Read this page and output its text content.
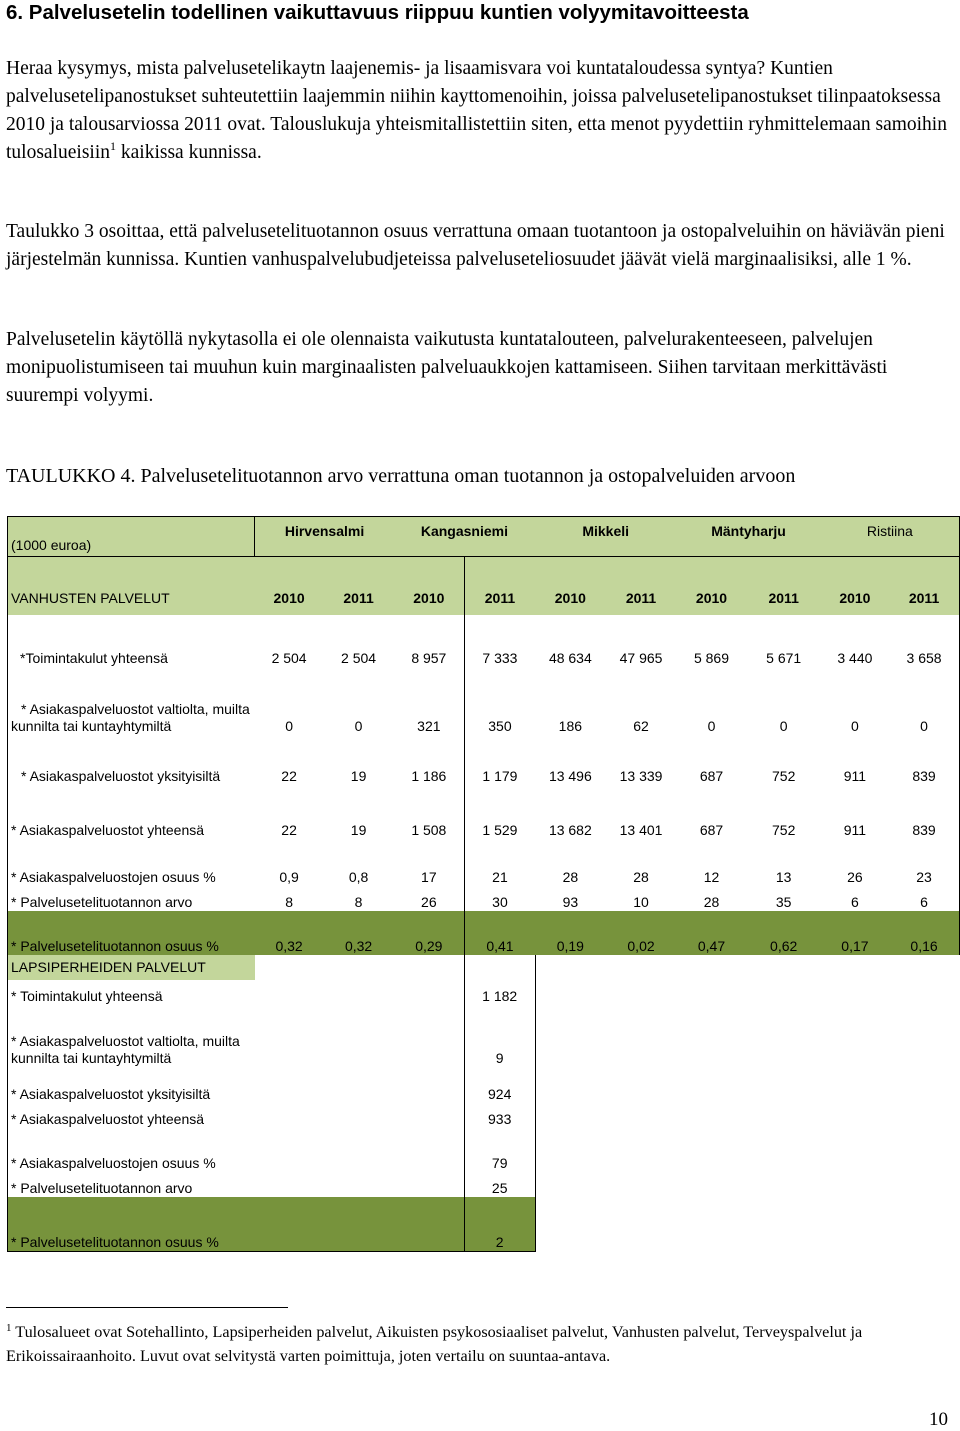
6. Palvelusetelin todellinen vaikuttavuus riippuu kuntien volyymitavoitteesta

Heraa kysymys, mista palvelusetelikaytn laajenemis- ja lisaamisvara voi kuntataloudessa syntya? Kuntien palvelusetelipanostukset suhteutettiin laajemmin niihin kayttomenoihin, joissa palvelusetelipanostukset tilinpaatoksessa 2010 ja talousarviossa 2011 ovat. Talouslukuja yhteismitallistettiin siten, etta menot pyydettiin ryhmittelemaan samoihin tulosalueisiin$^1$ kaikissa kunnissa.

Taulukko 3 osoittaa, että palvelusetelituotannon osuus verrattuna omaan tuotantoon ja ostopalveluihin on häviävän pieni järjestelmän kunnissa. Kuntien vanhuspalvelubudjeteissa palveluseteliosuudet jäävät vielä marginaalisiksi, alle 1 %.

Palvelusetelin käytöllä nykytasolla ei ole olennaista vaikutusta kuntatalouteen, palvelurakenteeseen, palvelujen monipuolistumiseen tai muuhun kuin marginaalisten palveluaukkojen kattamiseen. Siihen tarvitaan merkittävästi suurempi volyymi.

TAULUKKO 4. Palvelusetelituotannon arvo verrattuna oman tuotannon ja ostopalveluiden arvoon

(1000 euroa)	Hirvensalmi		Kangasniemi		Mikkeli		Mäntyharju		Ristiina	
VANHUSTEN PALVELUT	2010	2011	2010	2011	2010	2011	2010	2011	2010	2011
*Toimintakulut yhteensä	2 504	2 504	8 957	7 333	48 634	47 965	5 869	5 671	3 440	3 658
* Asiakaspalveluostot valtiolta, muilta kunnilta tai kuntayhtymiltä	0	0	321	350	186	62	0	0	0	0
* Asiakaspalveluostot yksityisiltä	22	19	1 186	1 179	13 496	13 339	687	752	911	839
* Asiakaspalveluostot yhteensä	22	19	1 508	1 529	13 682	13 401	687	752	911	839
* Asiakaspalveluostojen osuus %	0,9	0,8	17	21	28	28	12	13	26	23
* Palvelusetelituotannon arvo	8	8	26	30	93	10	28	35	6	6
* Palvelusetelituotannon osuus %	0,32	0,32	0,29	0,41	0,19	0,02	0,47	0,62	0,17	0,16
LAPSIPERHEIDEN PALVELUT										
* Toimintakulut yhteensä				1 182						
* Asiakaspalveluostot valtiolta, muilta kunnilta tai kuntayhtymiltä				9						
* Asiakaspalveluostot yksityisiltä				924						
* Asiakaspalveluostot yhteensä				933						
* Asiakaspalveluostojen osuus %				79						
* Palvelusetelituotannon arvo				25						
* Palvelusetelituotannon osuus %				2						

$^1$ Tulosalueet ovat Sotehallinto, Lapsiperheiden palvelut, Aikuisten psykososiaaliset palvelut, Vanhusten palvelut, Terveyspalvelut ja Erikoissairaanhoito. Luvut ovat selvitystä varten poimittuja, joten vertailu on suuntaa-antava.

10
